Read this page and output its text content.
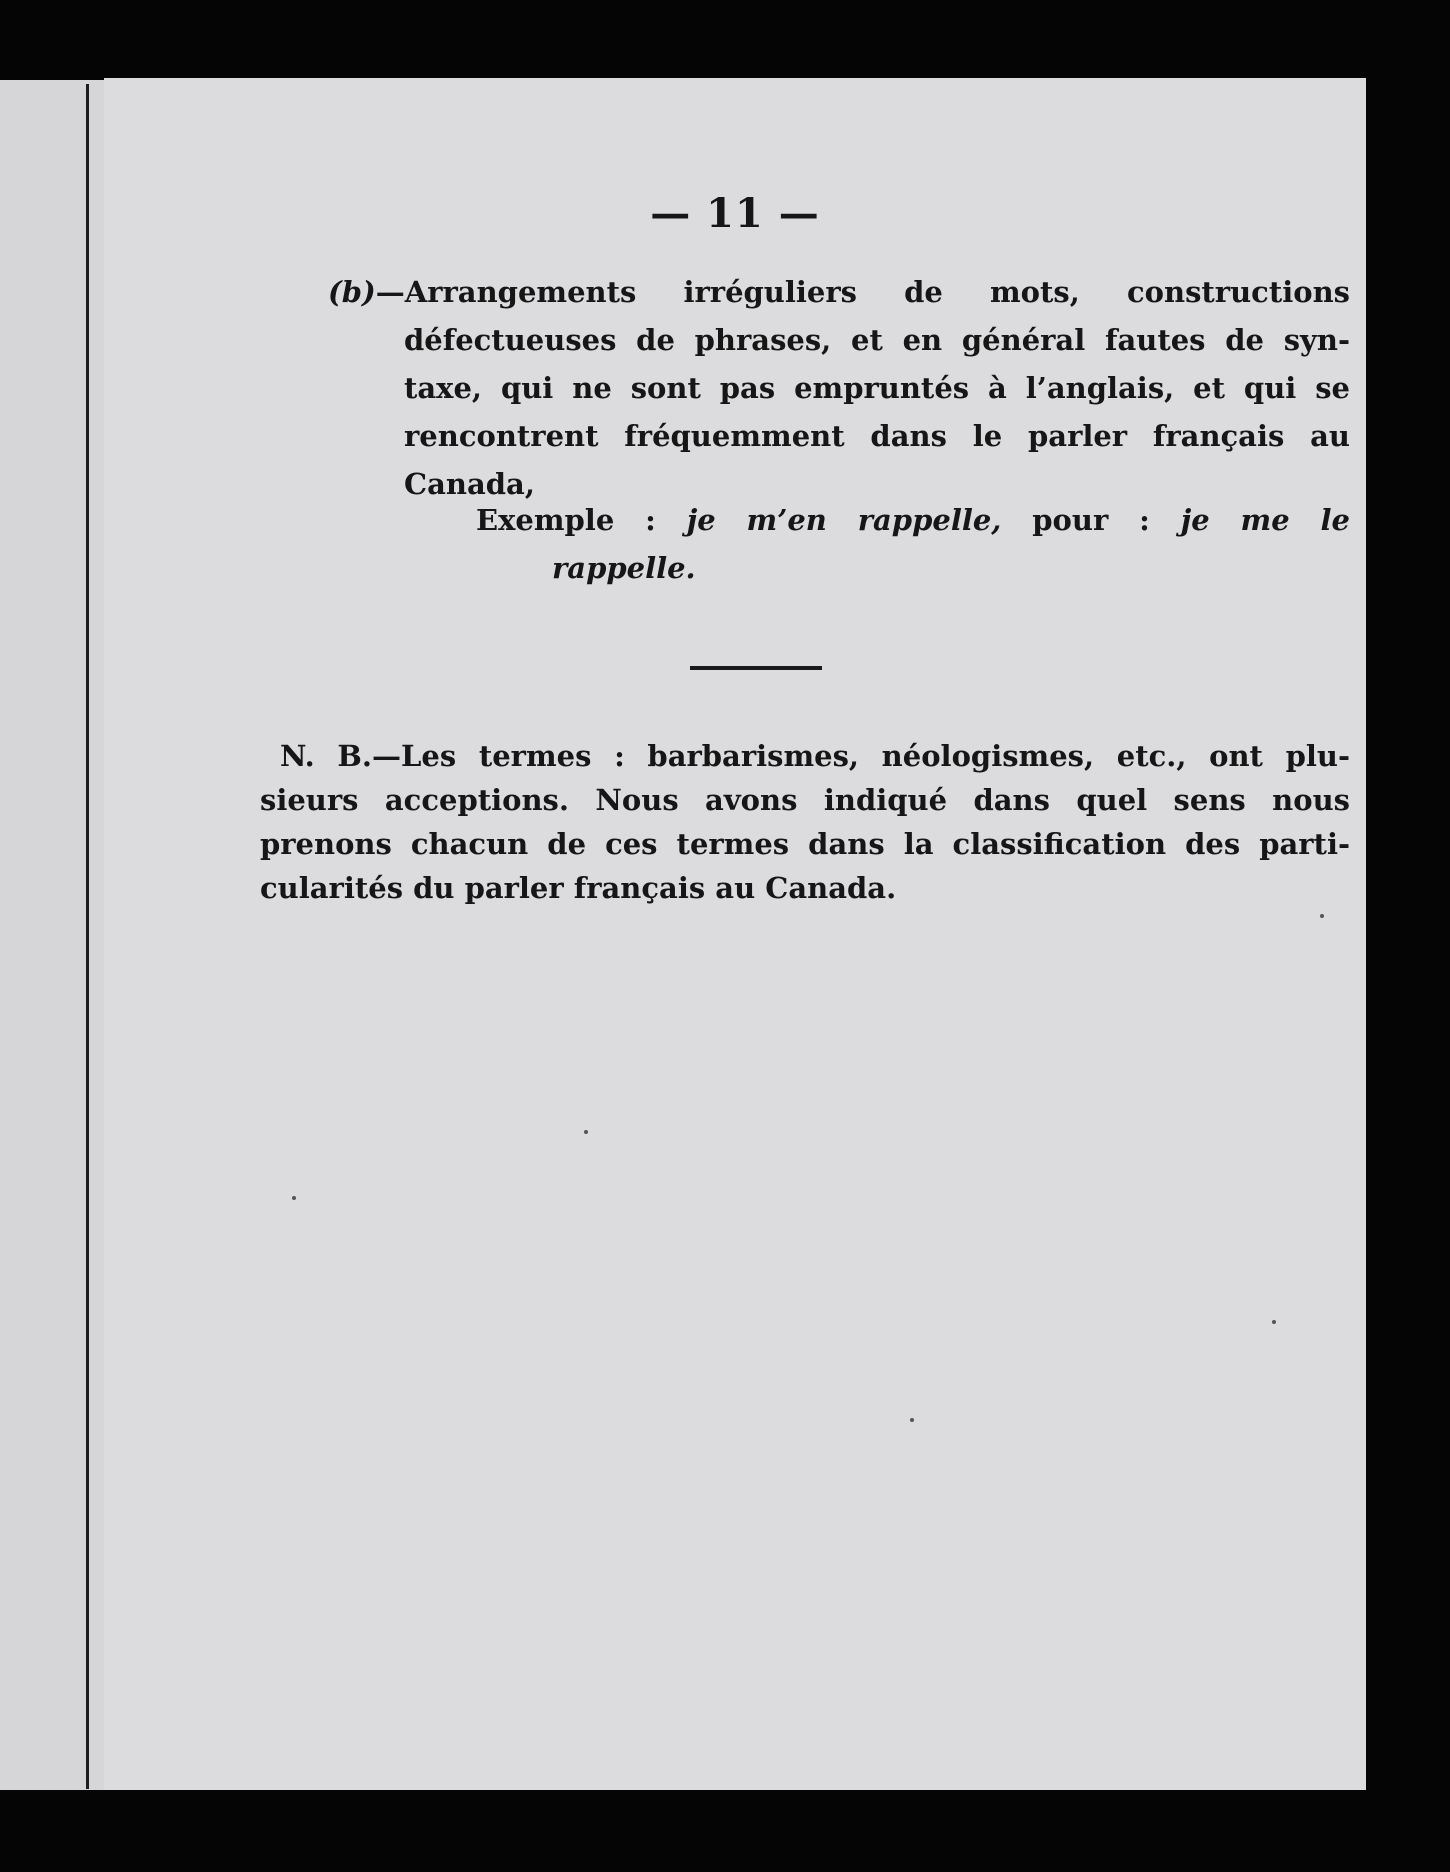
— 11 —
(b)—Arrangements irréguliers de mots, constructions
défectueuses de phrases, et en général fautes de syn-
taxe, qui ne sont pas empruntés à l’anglais, et qui se
rencontrent fréquemment dans le parler français au
Canada,
Exemple : je m’en rappelle, pour : je me le
rappelle.
N. B.—Les termes : barbarismes, néologismes, etc., ont plu-
sieurs acceptions. Nous avons indiqué dans quel sens nous
prenons chacun de ces termes dans la classification des parti-
cularités du parler français au Canada.
